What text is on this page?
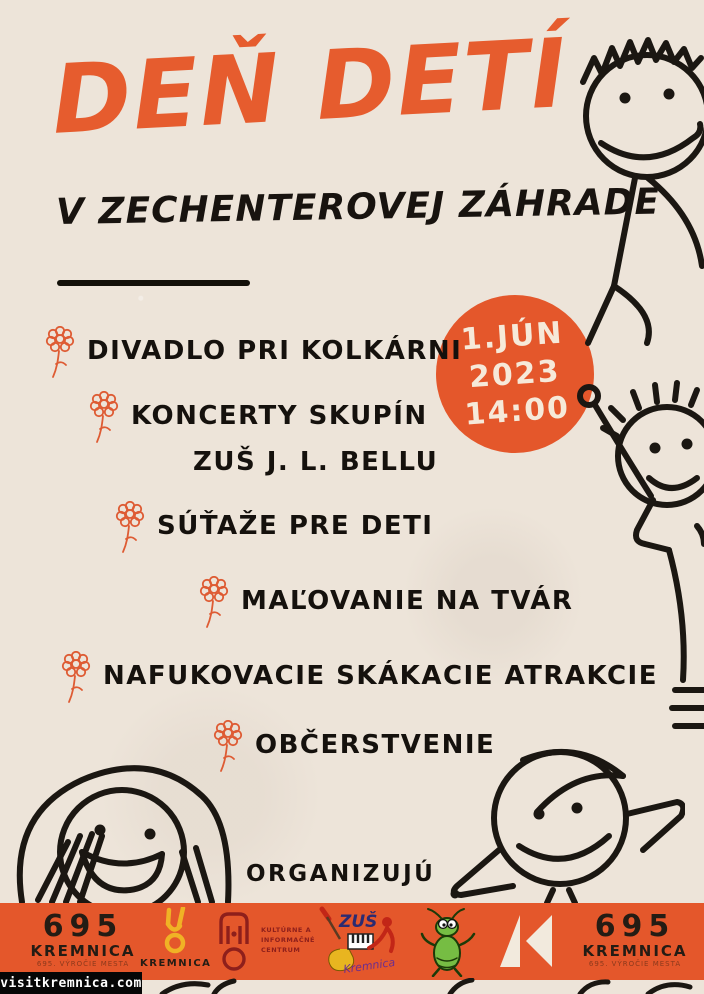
DEŇ DETÍ
V ZECHENTEROVEJ ZÁHRADE
1.JÚN
2023
14:00
DIVADLO PRI KOLKÁRNI
KONCERTY SKUPÍN
ZUŠ J. L. BELLU
SÚŤAŽE PRE DETI
MAĽOVANIE NA TVÁR
NAFUKOVACIE SKÁKACIE ATRAKCIE
OBČERSTVENIE
ORGANIZUJÚ
695
KREMNICA
695. VÝROČIE MESTA KREMNICA
KULTÚRNE A
INFORMAČNÉ
CENTRUM
ZUŠ
Kremnica
695
KREMNICA
695. VÝROČIE MESTA
visitkremnica.com
